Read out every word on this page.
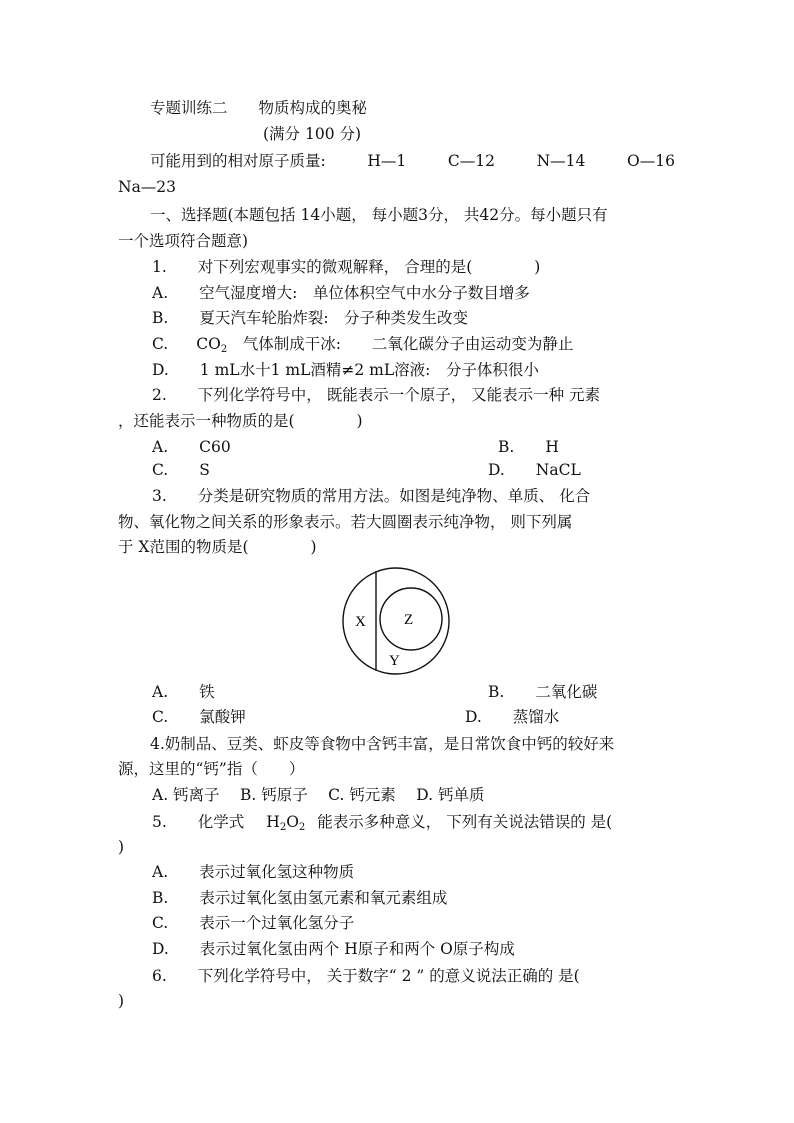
专题训练二　　物质构成的奥秘
(满分 100 分)
可能用到的相对原子质量:	H—1	C—12	N—14	O—16
Na—23
一、选择题(本题包括 14小题， 每小题3分， 共42分。每小题只有
一个选项符合题意)
1.　　对下列宏观事实的微观解释， 合理的是(　　　　)
A.　　空气湿度增大:　单位体积空气中水分子数目增多
B.　　夏天汽车轮胎炸裂:　分子种类发生改变
C. $CO_2$　气体制成干冰:　　二氧化碳分子由运动变为静止
D.　　1 mL水十1 mL酒精≠2 mL溶液:　分子体积很小
2.　　下列化学符号中， 既能表示一个原子， 又能表示一种 元素
，还能表示一种物质的是(　　　　)
A.　　C60	B.　　H
C.　　S	D.　　NaCL
3.　　分类是研究物质的常用方法。如图是纯净物、单质、 化合
物、氧化物之间关系的形象表示。若大圆圈表示纯净物， 则下列属
于 X范围的物质是(　　　　)
X	Z
Y
A.　　铁	B.　　二氧化碳
C.　　氯酸钾	D.　　蒸馏水
4.奶制品、豆类、虾皮等食物中含钙丰富，是日常饮食中钙的较好来
源，这里的“钙”指（　　）
A. 钙离子　 B. 钙原子　 C. 钙元素　 D. 钙单质
5.　　化学式 $H_2O_2$ 能表示多种意义， 下列有关说法错误的 是(
)
A.　　表示过氧化氢这种物质
B.　　表示过氧化氢由氢元素和氧元素组成
C.　　表示一个过氧化氢分子
D.　　表示过氧化氢由两个 H原子和两个 O原子构成
6.　　下列化学符号中， 关于数字“ 2 ” 的意义说法正确的 是(
)
